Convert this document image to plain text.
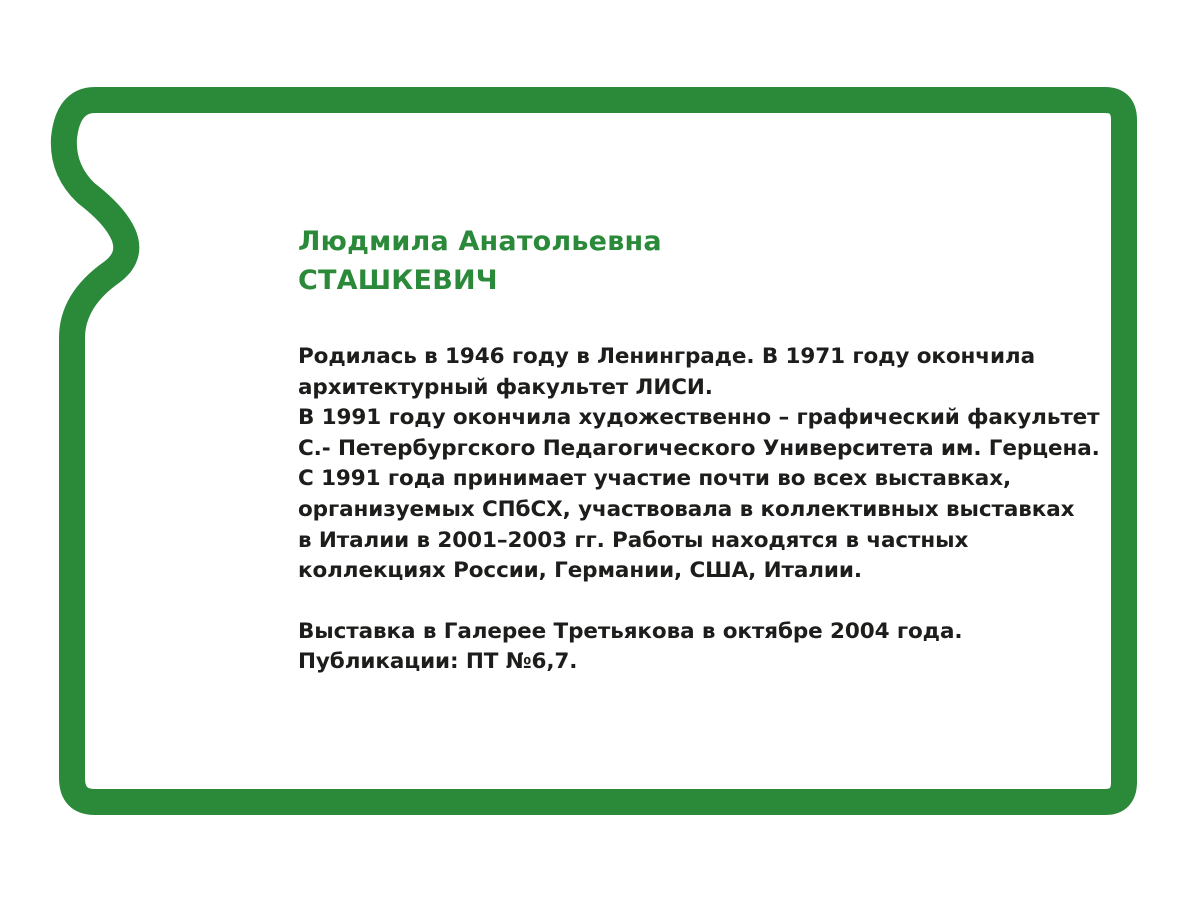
Людмила Анатольевна
СТАШКЕВИЧ
Родилась в 1946 году в Ленинграде. В 1971 году окончила
архитектурный факультет ЛИСИ.
В 1991 году окончила художественно – графический факультет
С.- Петербургского Педагогического Университета им. Герцена.
С 1991 года принимает участие почти во всех выставках,
организуемых СПбСХ, участвовала в коллективных выставках
в Италии в 2001–2003 гг. Работы находятся в частных
коллекциях России, Германии, США, Италии.
Выставка в Галерее Третьякова в октябре 2004 года.
Публикации: ПТ №6,7.
